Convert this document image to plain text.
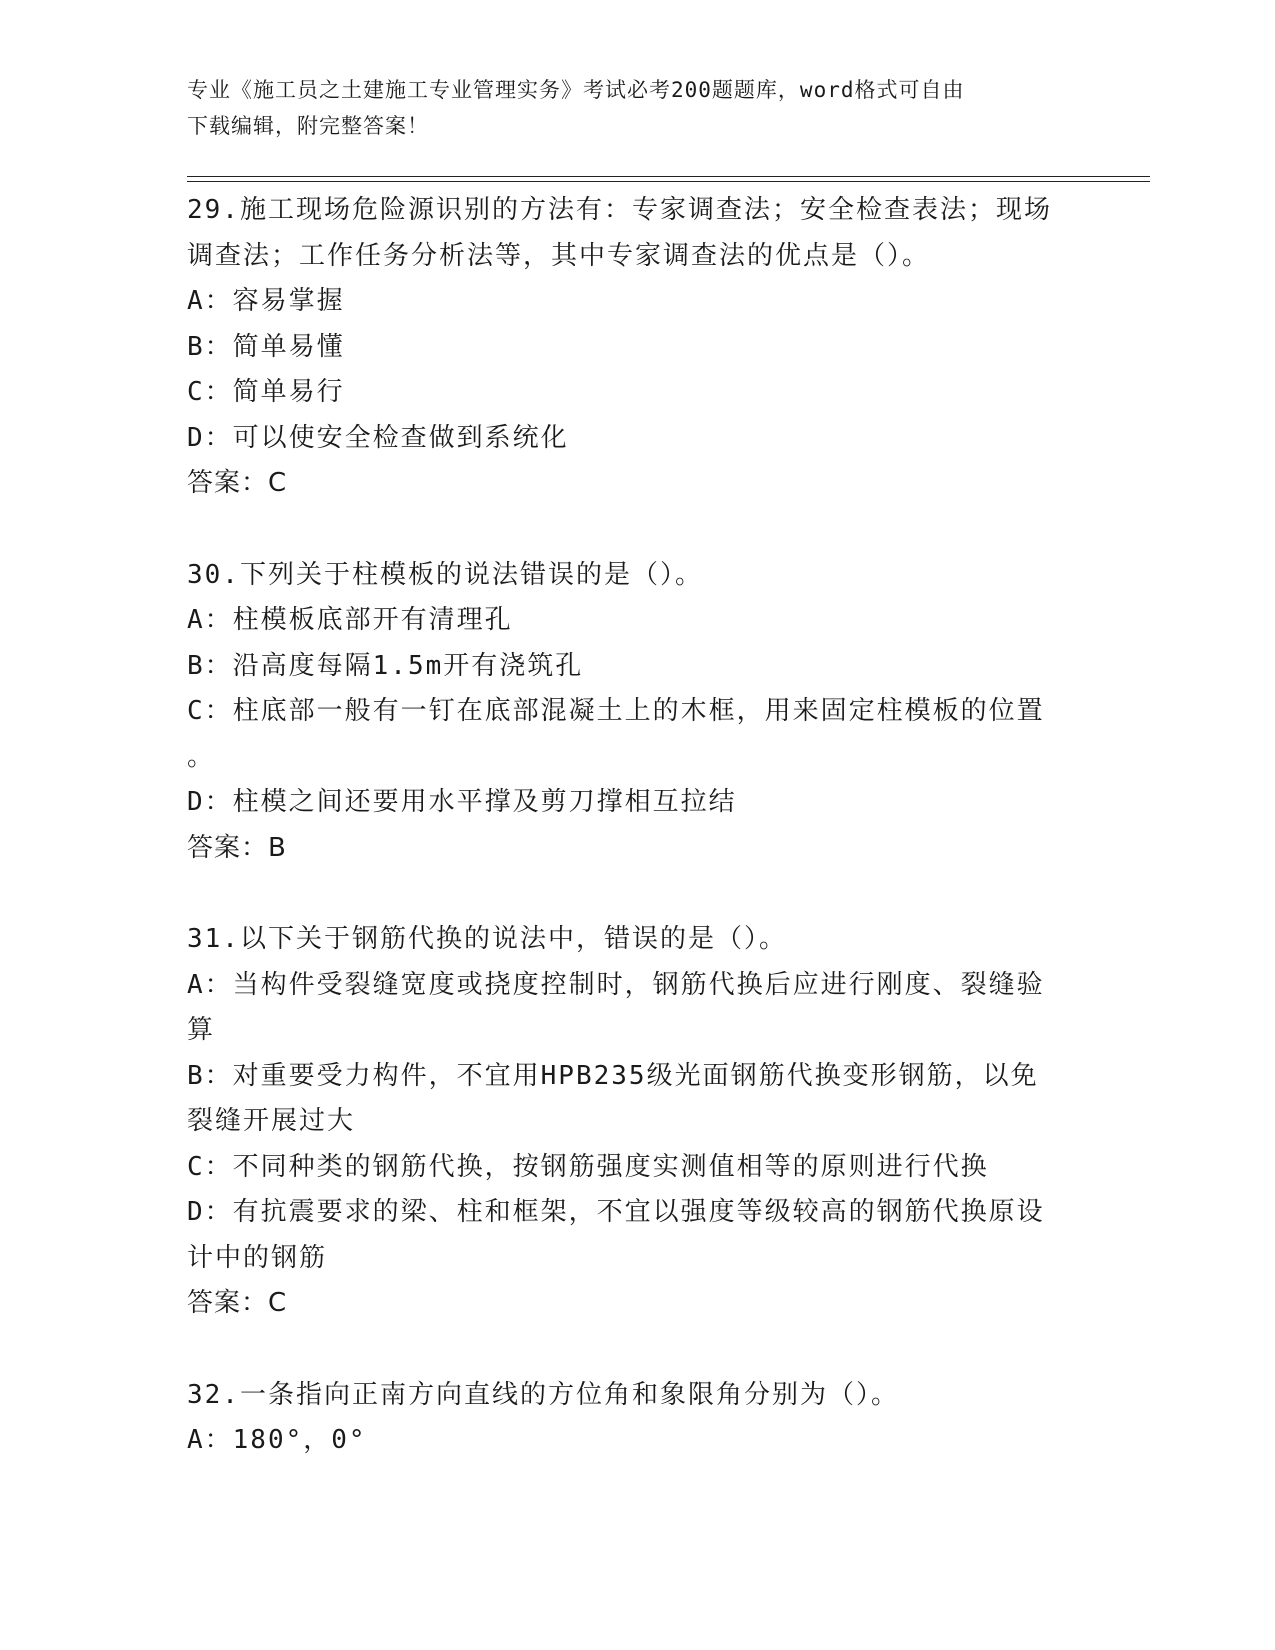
专业《施工员之土建施工专业管理实务》考试必考200题题库，word格式可自由
下载编辑，附完整答案！
29.施工现场危险源识别的方法有：专家调查法；安全检查表法；现场
调查法；工作任务分析法等，其中专家调查法的优点是（）。
A：容易掌握
B：简单易懂
C：简单易行
D：可以使安全检查做到系统化
答案：C
30.下列关于柱模板的说法错误的是（）。
A：柱模板底部开有清理孔
B：沿高度每隔1.5m开有浇筑孔
C：柱底部一般有一钉在底部混凝土上的木框，用来固定柱模板的位置
。
D：柱模之间还要用水平撑及剪刀撑相互拉结
答案：B
31.以下关于钢筋代换的说法中，错误的是（）。
A：当构件受裂缝宽度或挠度控制时，钢筋代换后应进行刚度、裂缝验
算
B：对重要受力构件，不宜用HPB235级光面钢筋代换变形钢筋，以免
裂缝开展过大
C：不同种类的钢筋代换，按钢筋强度实测值相等的原则进行代换
D：有抗震要求的梁、柱和框架，不宜以强度等级较高的钢筋代换原设
计中的钢筋
答案：C
32.一条指向正南方向直线的方位角和象限角分别为（）。
A：180°，0°
